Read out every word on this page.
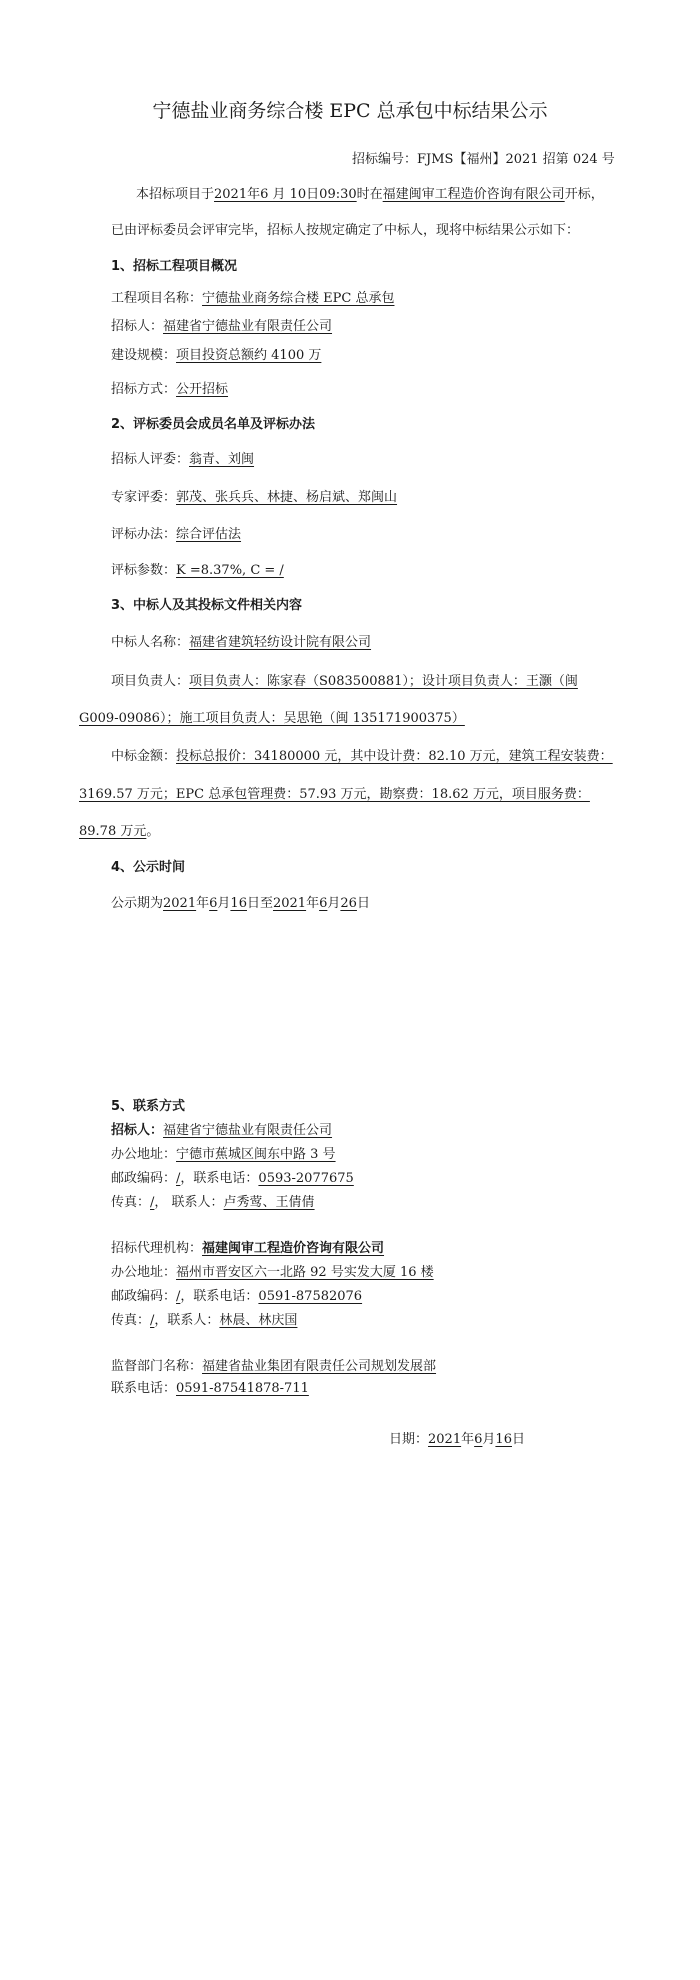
宁德盐业商务综合楼 EPC 总承包中标结果公示
招标编号：FJMS【福州】2021 招第 024 号
本招标项目于2021年6 月 10日09:30时在福建闽审工程造价咨询有限公司开标，
已由评标委员会评审完毕，招标人按规定确定了中标人，现将中标结果公示如下：
1、招标工程项目概况
工程项目名称：宁德盐业商务综合楼 EPC 总承包
招标人：福建省宁德盐业有限责任公司
建设规模：项目投资总额约 4100 万
招标方式：公开招标
2、评标委员会成员名单及评标办法
招标人评委：翁青、刘闽
专家评委：郭茂、张兵兵、林捷、杨启斌、郑闽山
评标办法：综合评估法
评标参数：K =8.37%, C = /
3、中标人及其投标文件相关内容
中标人名称：福建省建筑轻纺设计院有限公司
项目负责人：项目负责人：陈家春（S083500881）；设计项目负责人：王灏（闽
G009-09086）；施工项目负责人：吴思铯（闽 135171900375）
中标金额：投标总报价：34180000 元，其中设计费：82.10 万元，建筑工程安装费：
3169.57 万元；EPC 总承包管理费：57.93 万元，勘察费：18.62 万元，项目服务费：
89.78 万元。
4、公示时间
公示期为2021年6月16日至2021年6月26日
5、联系方式
招标人：福建省宁德盐业有限责任公司
办公地址：宁德市蕉城区闽东中路 3 号
邮政编码：/，联系电话：0593-2077675
传真：/， 联系人：卢秀莺、王倩倩
招标代理机构：福建闽审工程造价咨询有限公司
办公地址：福州市晋安区六一北路 92 号实发大厦 16 楼
邮政编码：/，联系电话：0591-87582076
传真：/，联系人：林晨、林庆国
监督部门名称：福建省盐业集团有限责任公司规划发展部
联系电话：0591-87541878-711
日期：2021年6月16日
